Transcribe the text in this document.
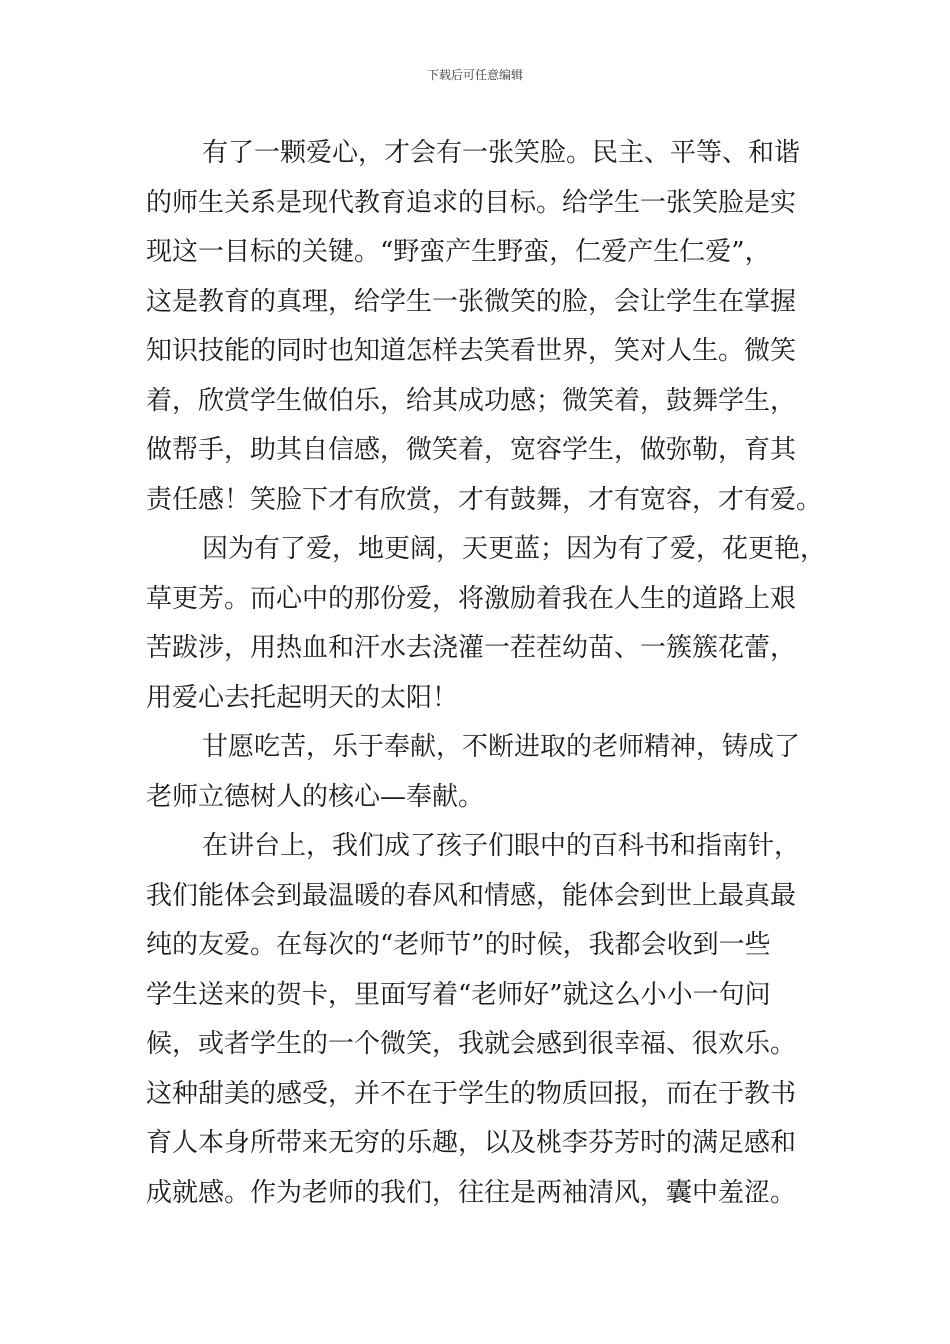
下载后可任意编辑
有了一颗爱心，才会有一张笑脸。民主、平等、和谐
的师生关系是现代教育追求的目标。给学生一张笑脸是实
现这一目标的关键。“野蛮产生野蛮，仁爱产生仁爱”，
这是教育的真理，给学生一张微笑的脸，会让学生在掌握
知识技能的同时也知道怎样去笑看世界，笑对人生。微笑
着，欣赏学生做伯乐，给其成功感；微笑着，鼓舞学生，
做帮手，助其自信感，微笑着，宽容学生，做弥勒，育其
责任感！笑脸下才有欣赏，才有鼓舞，才有宽容，才有爱。
因为有了爱，地更阔，天更蓝；因为有了爱，花更艳，
草更芳。而心中的那份爱，将激励着我在人生的道路上艰
苦跋涉，用热血和汗水去浇灌一茬茬幼苗、一簇簇花蕾，
用爱心去托起明天的太阳！
甘愿吃苦，乐于奉献，不断进取的老师精神，铸成了
老师立德树人的核心—奉献。
在讲台上，我们成了孩子们眼中的百科书和指南针，
我们能体会到最温暖的春风和情感，能体会到世上最真最
纯的友爱。在每次的“老师节”的时候，我都会收到一些
学生送来的贺卡，里面写着“老师好”就这么小小一句问
候，或者学生的一个微笑，我就会感到很幸福、很欢乐。
这种甜美的感受，并不在于学生的物质回报，而在于教书
育人本身所带来无穷的乐趣，以及桃李芬芳时的满足感和
成就感。作为老师的我们，往往是两袖清风，囊中羞涩。
